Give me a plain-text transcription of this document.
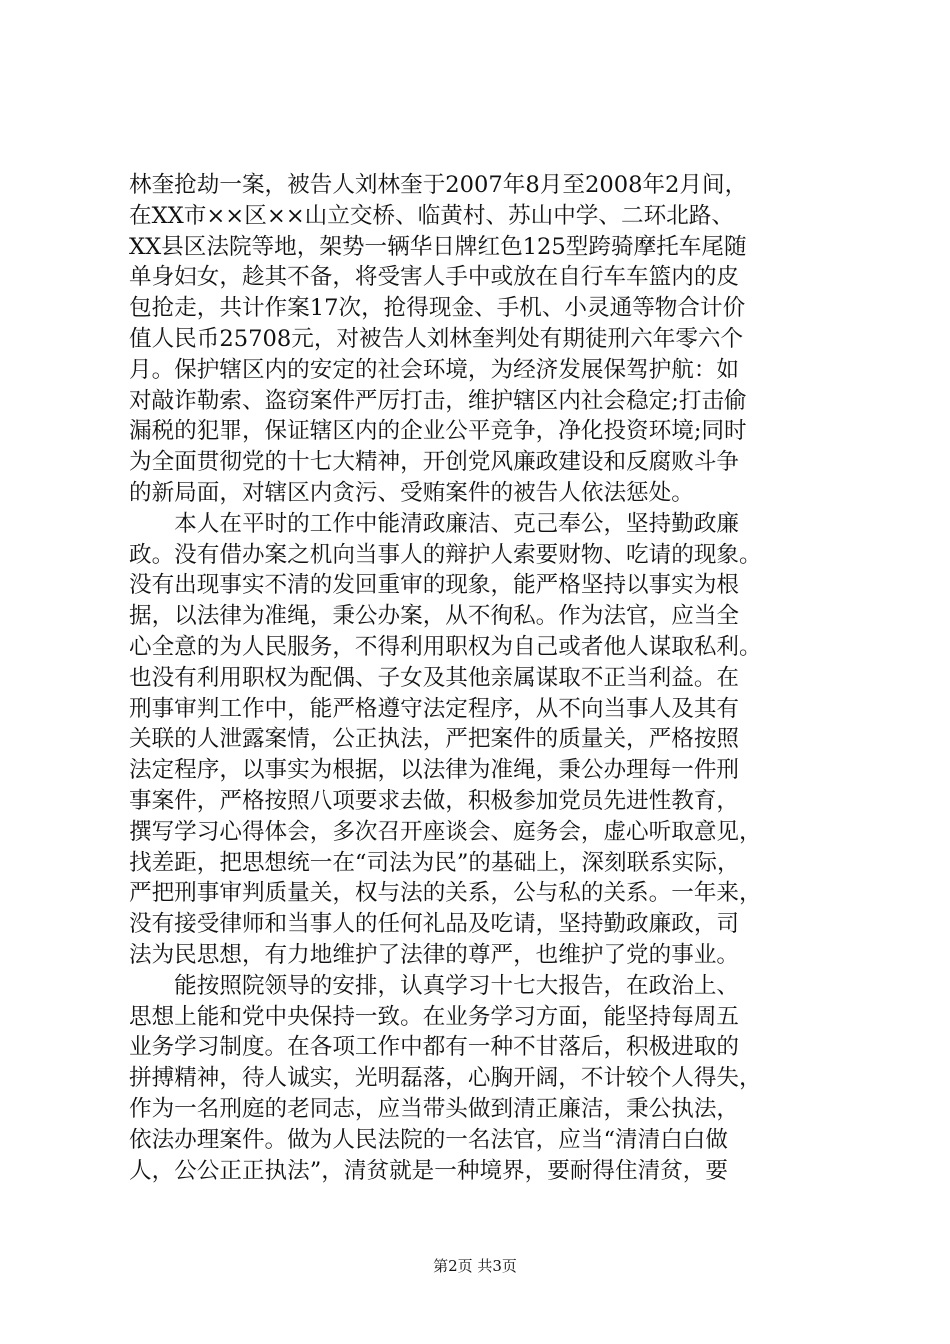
林奎抢劫一案，被告人刘林奎于2007年8月至2008年2月间，
在XX市××区××山立交桥、临黄村、苏山中学、二环北路、
XX县区法院等地，架势一辆华日牌红色125型跨骑摩托车尾随
单身妇女，趁其不备，将受害人手中或放在自行车车篮内的皮
包抢走，共计作案17次，抢得现金、手机、小灵通等物合计价
值人民币25708元，对被告人刘林奎判处有期徒刑六年零六个
月。保护辖区内的安定的社会环境，为经济发展保驾护航：如
对敲诈勒索、盗窃案件严厉打击，维护辖区内社会稳定;打击偷
漏税的犯罪，保证辖区内的企业公平竞争，净化投资环境;同时
为全面贯彻党的十七大精神，开创党风廉政建设和反腐败斗争
的新局面，对辖区内贪污、受贿案件的被告人依法惩处。
　　本人在平时的工作中能清政廉洁、克己奉公，坚持勤政廉
政。没有借办案之机向当事人的辩护人索要财物、吃请的现象。
没有出现事实不清的发回重审的现象，能严格坚持以事实为根
据，以法律为准绳，秉公办案，从不徇私。作为法官，应当全
心全意的为人民服务，不得利用职权为自己或者他人谋取私利。
也没有利用职权为配偶、子女及其他亲属谋取不正当利益。在
刑事审判工作中，能严格遵守法定程序，从不向当事人及其有
关联的人泄露案情，公正执法，严把案件的质量关，严格按照
法定程序，以事实为根据，以法律为准绳，秉公办理每一件刑
事案件，严格按照八项要求去做，积极参加党员先进性教育，
撰写学习心得体会，多次召开座谈会、庭务会，虚心听取意见，
找差距，把思想统一在“司法为民”的基础上，深刻联系实际，
严把刑事审判质量关，权与法的关系，公与私的关系。一年来，
没有接受律师和当事人的任何礼品及吃请，坚持勤政廉政，司
法为民思想，有力地维护了法律的尊严，也维护了党的事业。
　　能按照院领导的安排，认真学习十七大报告，在政治上、
思想上能和党中央保持一致。在业务学习方面，能坚持每周五
业务学习制度。在各项工作中都有一种不甘落后，积极进取的
拼搏精神，待人诚实，光明磊落，心胸开阔，不计较个人得失，
作为一名刑庭的老同志，应当带头做到清正廉洁，秉公执法，
依法办理案件。做为人民法院的一名法官，应当“清清白白做
人，公公正正执法”，清贫就是一种境界，要耐得住清贫，要
第2页 共3页
